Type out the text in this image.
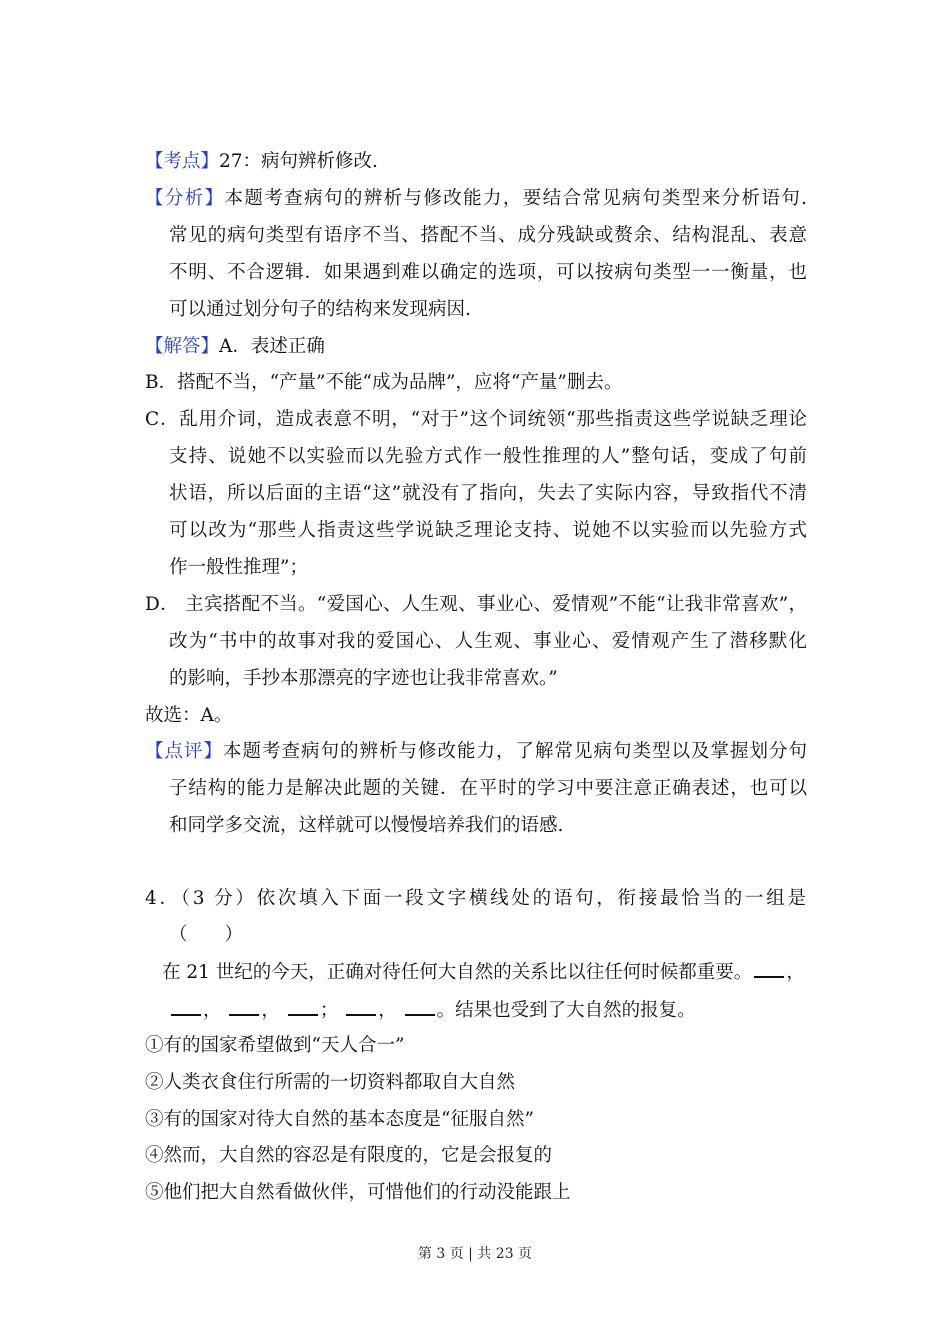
【考点】27：病句辨析修改.
【分析】本题考查病句的辨析与修改能力，要结合常见病句类型来分析语句.
常见的病句类型有语序不当、搭配不当、成分残缺或赘余、结构混乱、表意
不明、不合逻辑．如果遇到难以确定的选项，可以按病句类型一一衡量，也
可以通过划分句子的结构来发现病因.
【解答】A．表述正确
B．搭配不当，“产量”不能“成为品牌”，应将“产量”删去。
C．乱用介词，造成表意不明，“对于”这个词统领“那些指责这些学说缺乏理论
支持、说她不以实验而以先验方式作一般性推理的人”整句话，变成了句前
状语，所以后面的主语“这”就没有了指向，失去了实际内容，导致指代不清
可以改为“那些人指责这些学说缺乏理论支持、说她不以实验而以先验方式
作一般性推理”；
D． 主宾搭配不当。“爱国心、人生观、事业心、爱情观”不能“让我非常喜欢”，
改为“书中的故事对我的爱国心、人生观、事业心、爱情观产生了潜移默化
的影响，手抄本那漂亮的字迹也让我非常喜欢。”
故选：A。
【点评】本题考查病句的辨析与修改能力，了解常见病句类型以及掌握划分句
子结构的能力是解决此题的关键．在平时的学习中要注意正确表述，也可以
和同学多交流，这样就可以慢慢培养我们的语感.
4．（3 分）依次填入下面一段文字横线处的语句，衔接最恰当的一组是
（　　）
在 21 世纪的今天，正确对待任何大自然的关系比以往任何时候都重要。 ，
， ， ； ， 。结果也受到了大自然的报复。
①有的国家希望做到“天人合一”
②人类衣食住行所需的一切资料都取自大自然
③有的国家对待大自然的基本态度是“征服自然”
④然而，大自然的容忍是有限度的，它是会报复的
⑤他们把大自然看做伙伴，可惜他们的行动没能跟上
第 3 页 | 共 23 页
